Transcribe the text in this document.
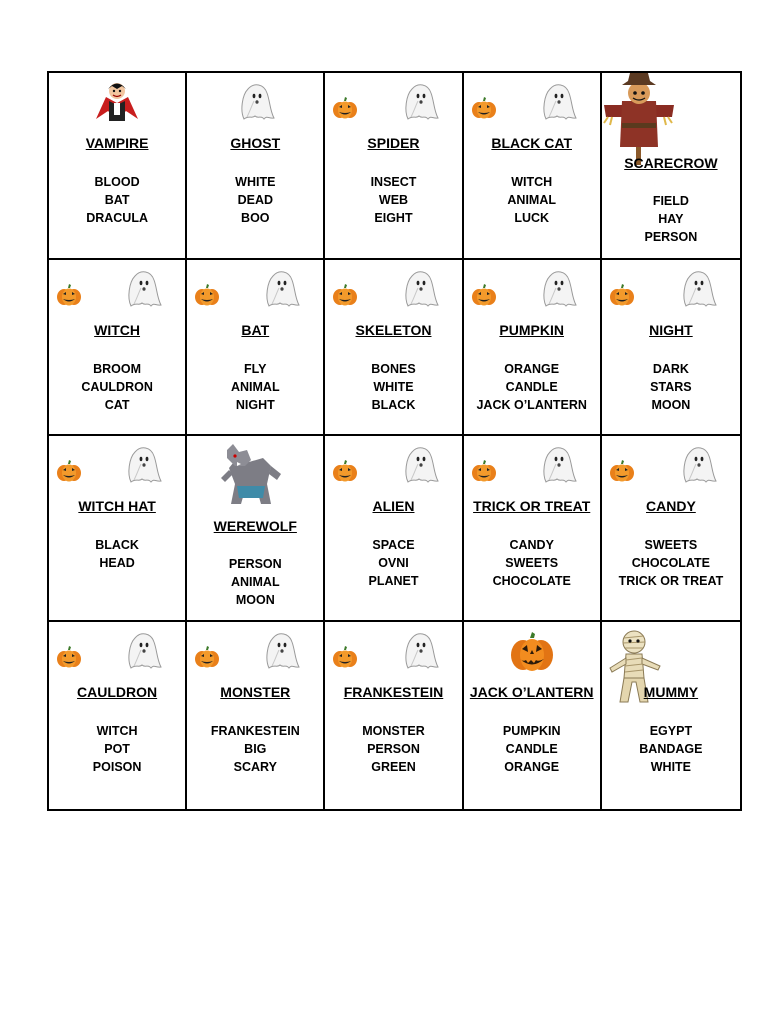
VAMPIRE
BLOOD
BAT
DRACULA
GHOST
WHITE
DEAD
BOO
SPIDER
INSECT
WEB
EIGHT
BLACK CAT
WITCH
ANIMAL
LUCK
SCARECROW
FIELD
HAY
PERSON
WITCH
BROOM
CAULDRON
CAT
BAT
FLY
ANIMAL
NIGHT
SKELETON
BONES
WHITE
BLACK
PUMPKIN
ORANGE
CANDLE
JACK O’LANTERN
NIGHT
DARK
STARS
MOON
WITCH HAT
BLACK
HEAD
WEREWOLF
PERSON
ANIMAL
MOON
ALIEN
SPACE
OVNI
PLANET
TRICK OR TREAT
CANDY
SWEETS
CHOCOLATE
CANDY
SWEETS
CHOCOLATE
TRICK OR TREAT
CAULDRON
WITCH
POT
POISON
MONSTER
FRANKESTEIN
BIG
SCARY
FRANKESTEIN
MONSTER
PERSON
GREEN
JACK O’LANTERN
PUMPKIN
CANDLE
ORANGE
MUMMY
EGYPT
BANDAGE
WHITE
